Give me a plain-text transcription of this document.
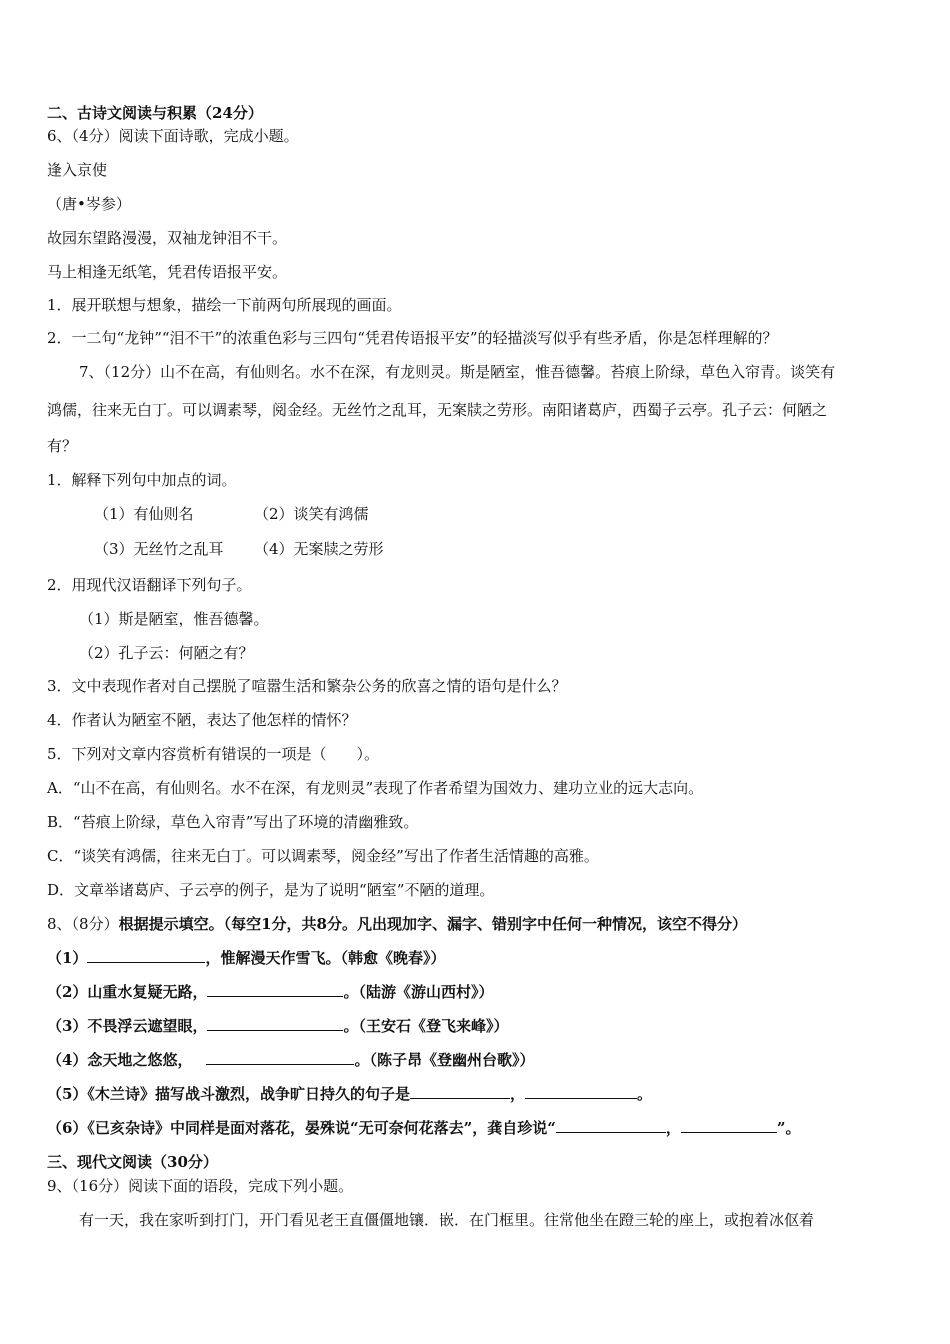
二、古诗文阅读与积累（24分）
6、（4分）阅读下面诗歌，完成小题。
逢入京使
（唐•岑参）
故园东望路漫漫，双袖龙钟泪不干。
马上相逢无纸笔，凭君传语报平安。
1．展开联想与想象，描绘一下前两句所展现的画面。
2．一二句“龙钟”“泪不干”的浓重色彩与三四句“凭君传语报平安”的轻描淡写似乎有些矛盾，你是怎样理解的？
7、（12分）山不在高，有仙则名。水不在深，有龙则灵。斯是陋室，惟吾德馨。苔痕上阶绿，草色入帘青。谈笑有
鸿儒，往来无白丁。可以调素琴，阅金经。无丝竹之乱耳，无案牍之劳形。南阳诸葛庐，西蜀子云亭。孔子云：何陋之
有？
1．解释下列句中加点的词。
（1）有仙则名	（2）谈笑有鸿儒
（3）无丝竹之乱耳 （4）无案牍之劳形
2．用现代汉语翻译下列句子。
（1）斯是陋室，惟吾德馨。
（2）孔子云：何陋之有？
3．文中表现作者对自己摆脱了喧嚣生活和繁杂公务的欣喜之情的语句是什么？
4．作者认为陋室不陋，表达了他怎样的情怀？
5．下列对文章内容赏析有错误的一项是（　　）。
A．“山不在高，有仙则名。水不在深，有龙则灵”表现了作者希望为国效力、建功立业的远大志向。
B．“苔痕上阶绿，草色入帘青”写出了环境的清幽雅致。
C．“谈笑有鸿儒，往来无白丁。可以调素琴，阅金经”写出了作者生活情趣的高雅。
D．文章举诸葛庐、子云亭的例子，是为了说明“陋室”不陋的道理。
8、（8分）根据提示填空。（每空1分，共8分。凡出现加字、漏字、错别字中任何一种情况，该空不得分）
（1）	，惟解漫天作雪飞。（韩愈《晚春》）
（2）山重水复疑无路，	。（陆游《游山西村》）
（3）不畏浮云遮望眼，	。（王安石《登飞来峰》）
（4）念天地之悠悠，	。（陈子昂《登幽州台歌》）
（5）《木兰诗》描写战斗激烈，战争旷日持久的句子是	，	。
（6）《已亥杂诗》中同样是面对落花，晏殊说“无可奈何花落去”，龚自珍说“	，	”。
三、现代文阅读（30分）
9、（16分）阅读下面的语段，完成下列小题。
有一天，我在家听到打门，开门看见老王直僵僵地镶．嵌．在门框里。往常他坐在蹬三轮的座上，或抱着冰伛着
